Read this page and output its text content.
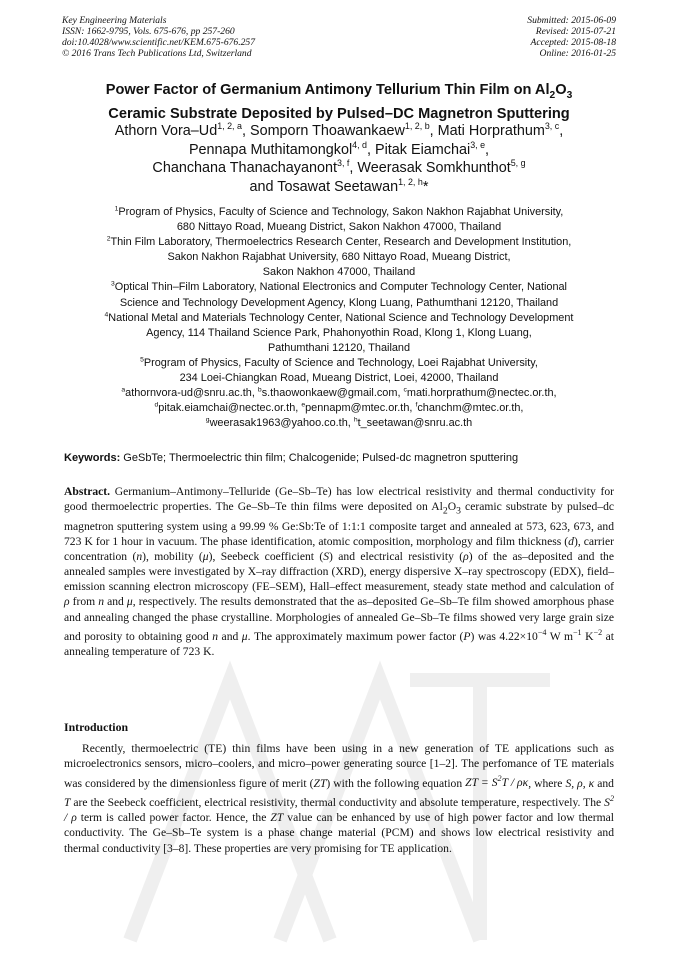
Key Engineering Materials
ISSN: 1662-9795, Vols. 675-676, pp 257-260
doi:10.4028/www.scientific.net/KEM.675-676.257
© 2016 Trans Tech Publications Ltd, Switzerland
Submitted: 2015-06-09
Revised: 2015-07-21
Accepted: 2015-08-18
Online: 2016-01-25
Power Factor of Germanium Antimony Tellurium Thin Film on $Al_2O_3$
Ceramic Substrate Deposited by Pulsed–DC Magnetron Sputtering
Athorn Vora–Ud$^{1, 2, a}$, Somporn Thoawankaew$^{1, 2, b}$, Mati Horprathum$^{3, c}$,
Pennapa Muthitamongkol$^{4, d}$, Pitak Eiamchai$^{3, e}$,
Chanchana Thanachayanont$^{3, f}$, Weerasak Somkhunthot$^{5, g}$
and Tosawat Seetawan$^{1, 2, h}$*
$^1$Program of Physics, Faculty of Science and Technology, Sakon Nakhon Rajabhat University,
680 Nittayo Road, Mueang District, Sakon Nakhon 47000, Thailand
$^2$Thin Film Laboratory, Thermoelectrics Research Center, Research and Development Institution,
Sakon Nakhon Rajabhat University, 680 Nittayo Road, Mueang District,
Sakon Nakhon 47000, Thailand
$^3$Optical Thin–Film Laboratory, National Electronics and Computer Technology Center, National
Science and Technology Development Agency, Klong Luang, Pathumthani 12120, Thailand
$^4$National Metal and Materials Technology Center, National Science and Technology Development
Agency, 114 Thailand Science Park, Phahonyothin Road, Klong 1, Klong Luang,
Pathumthani 12120, Thailand
$^5$Program of Physics, Faculty of Science and Technology, Loei Rajabhat University,
234 Loei-Chiangkan Road, Mueang District, Loei, 42000, Thailand
$^a$athornvora-ud@snru.ac.th, $^b$s.thaowonkaew@gmail.com, $^c$mati.horprathum@nectec.or.th,
$^d$pitak.eiamchai@nectec.or.th, $^e$pennapm@mtec.or.th, $^f$chanchm@mtec.or.th,
$^g$weerasak1963@yahoo.co.th, $^h$t_seetawan@snru.ac.th
Keywords: GeSbTe; Thermoelectric thin film; Chalcogenide; Pulsed-dc magnetron sputtering

Abstract. Germanium–Antimony–Telluride (Ge–Sb–Te) has low electrical resistivity and thermal conductivity for good thermoelectric properties. The Ge–Sb–Te thin films were deposited on $Al_2O_3$ ceramic substrate by pulsed–dc magnetron sputtering system using a 99.99 % Ge:Sb:Te of 1:1:1 composite target and annealed at 573, 623, 673, and 723 K for 1 hour in vacuum. The phase identification, atomic composition, morphology and film thickness (d), carrier concentration (n), mobility (μ), Seebeck coefficient (S) and electrical resistivity (ρ) of the as–deposited and the annealed samples were investigated by X–ray diffraction (XRD), energy dispersive X–ray spectroscopy (EDX), field–emission scanning electron microscopy (FE–SEM), Hall–effect measurement, steady state method and calculation of ρ from n and μ, respectively. The results demonstrated that the as–deposited Ge–Sb–Te film showed amorphous phase and annealing changed the phase crystalline. Morphologies of annealed Ge–Sb–Te films showed very large grain size and porosity to obtaining good n and μ. The approximately maximum power factor (P) was $4.22\times 10^{-4}$ W $m^{-1}$ $K^{-2}$ at annealing temperature of 723 K.

Introduction

Recently, thermoelectric (TE) thin films have been using in a new generation of TE applications such as microelectronics sensors, micro–coolers, and micro–power generating source [1–2]. The perfomance of TE materials was considered by the dimensionless figure of merit (ZT) with the following equation ZT = $S^2T$ / ρκ, where S, ρ, κ and T are the Seebeck coefficient, electrical resistivity, thermal conductivity and absolute temperature, respectively. The $S^2$ / ρ term is called power factor. Hence, the ZT value can be enhanced by use of high power factor and low thermal conductivity. The Ge–Sb–Te system is a phase change material (PCM) and shows low electrical resistivity and thermal conductivity [3–8]. These properties are very promising for TE application.
